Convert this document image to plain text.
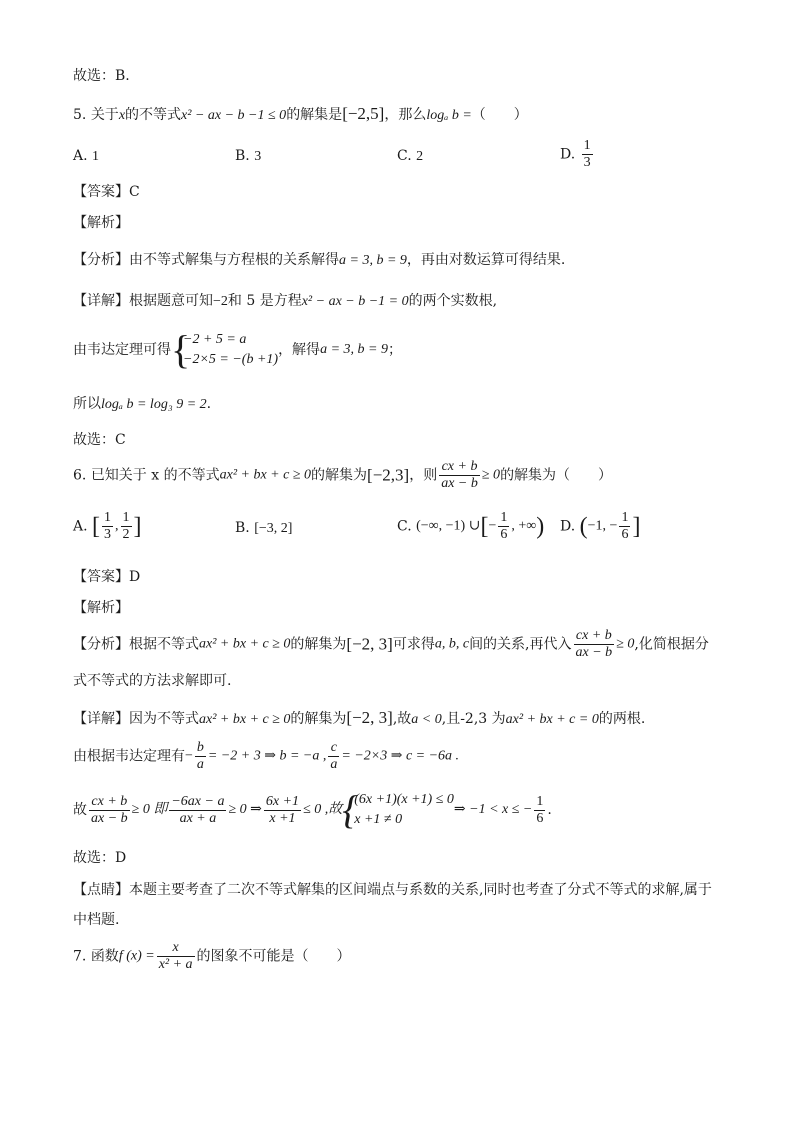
故选：B.
5. 关于x的不等式x² − ax − b −1 ≤ 0的解集是[−2,5]，那么logₐ b =（　　）
A. 1	B. 3	C. 2	D. $\frac{1}{3}$
【答案】C
【解析】
【分析】由不等式解集与方程根的关系解得a = 3, b = 9，再由对数运算可得结果.
【详解】根据题意可知−2和 5 是方程x² − ax − b −1 = 0的两个实数根,
由韦达定理可得 {
−2 + 5 = a
−2×5 = −(b +1)
，解得a = 3, b = 9；
所以logₐ b = log₃ 9 = 2.
故选：C
6. 已知关于 x 的不等式ax² + bx + c ≥ 0的解集为[−2,3]，则 $\frac{cx + b}{ax - b} \ge 0$的解集为（　　）
A. [ $\frac{1}{3}$ , $\frac{1}{2}$ ]	B. [−3, 2]	C. (−∞, −1) ∪[− $\frac{1}{6}$ , +∞) D. (−1, − $\frac{1}{6}$ ]
【答案】D
【解析】
【分析】根据不等式ax² + bx + c ≥ 0的解集为[−2, 3]可求得a, b, c间的关系,再代入 $\frac{cx + b}{ax - b} \ge 0$,化简根据分
式不等式的方法求解即可.
【详解】因为不等式ax² + bx + c ≥ 0的解集为[−2, 3],故a < 0,且-2,3 为ax² + bx + c = 0的两根.
由根据韦达定理有− $\frac{b}{a} = -2 + 3$ ⇒ b = −a , $\frac{c}{a} = -2\times 3$ ⇒ c = −6a .
故 $\frac{cx + b}{ax - b} \ge 0$ 即 $\frac{-6ax - a}{ax + a} \ge 0$ ⇒ $\frac{6x +1}{x +1} \le 0$ ,故 {
(6x +1)(x +1) ≤ 0
x +1 ≠ 0
⇒ −1 < x ≤ − $\frac{1}{6}$ .
故选：D
【点睛】本题主要考查了二次不等式解集的区间端点与系数的关系,同时也考查了分式不等式的求解,属于
中档题.
7. 函数f $(x) = \frac{x}{\text{x² + a}}$ 的图象不可能是（　　）
